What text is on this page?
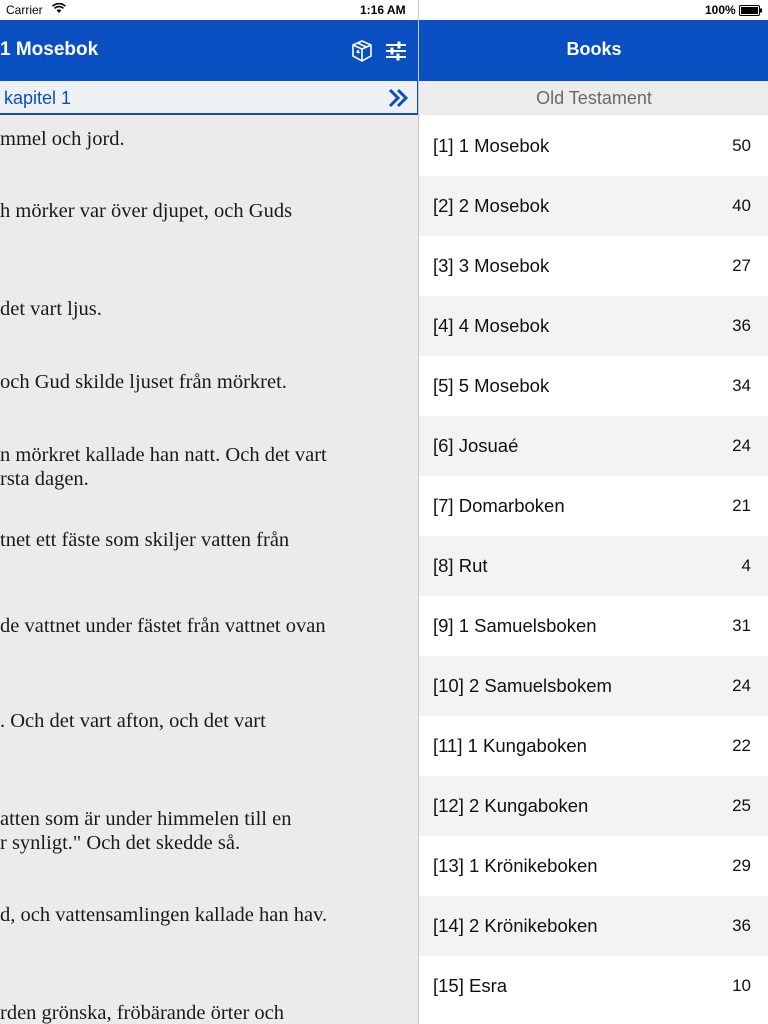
Carrier	1:16 AM
1 Mosebok
kapitel 1
mmel och jord.
h mörker var över djupet, och Guds
det vart ljus.
och Gud skilde ljuset från mörkret.
n mörkret kallade han natt. Och det vart
rsta dagen.
tnet ett fäste som skiljer vatten från
de vattnet under fästet från vattnet ovan
. Och det vart afton, och det vart
atten som är under himmelen till en
r synligt." Och det skedde så.
d, och vattensamlingen kallade han hav.
rden grönska, fröbärande örter och
100%
Books
Old Testament
[1] 1 Mosebok	50
[2] 2 Mosebok	40
[3] 3 Mosebok	27
[4] 4 Mosebok	36
[5] 5 Mosebok	34
[6] Josuaé	24
[7] Domarboken	21
[8] Rut	4
[9] 1 Samuelsboken	31
[10] 2 Samuelsbokem	24
[11] 1 Kungaboken	22
[12] 2 Kungaboken	25
[13] 1 Krönikeboken	29
[14] 2 Krönikeboken	36
[15] Esra	10
